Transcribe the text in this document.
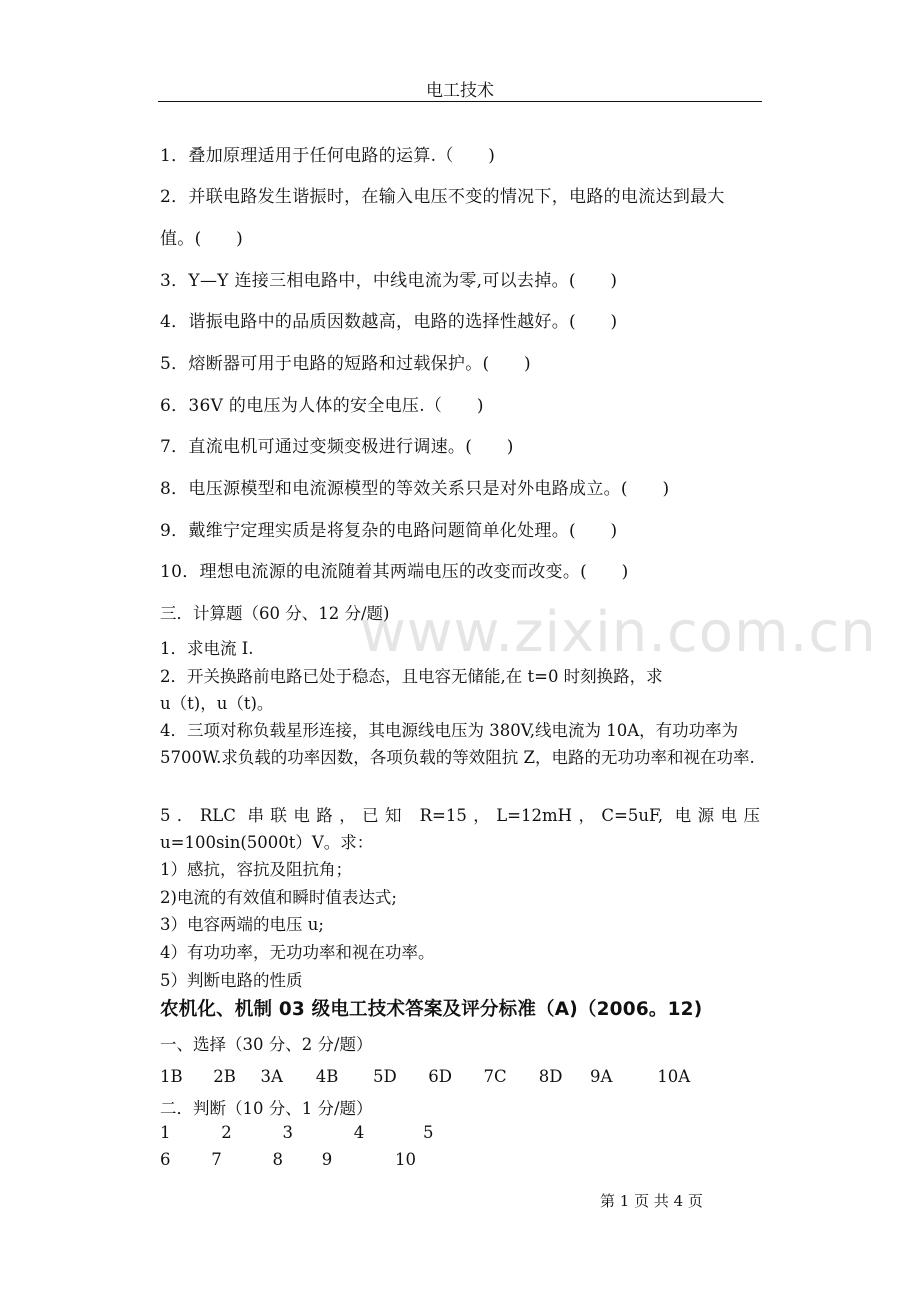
电工技术
1．叠加原理适用于任何电路的运算.（　　)
2．并联电路发生谐振时，在输入电压不变的情况下，电路的电流达到最大
值。(　　)
3．Y—Y 连接三相电路中，中线电流为零,可以去掉。(　　)
4．谐振电路中的品质因数越高，电路的选择性越好。(　　)
5．熔断器可用于电路的短路和过载保护。(　　)
6．36V 的电压为人体的安全电压.（　　)
7．直流电机可通过变频变极进行调速。(　　)
8．电压源模型和电流源模型的等效关系只是对外电路成立。(　　)
9．戴维宁定理实质是将复杂的电路问题简单化处理。(　　)
10．理想电流源的电流随着其两端电压的改变而改变。(　　)
www.zixin.com.cn
三．计算题（60 分、12 分/题)
1．求电流 I.
2．开关换路前电路已处于稳态，且电容无储能,在 t=0 时刻换路，求
u（t)，u（t)。
4．三项对称负载星形连接，其电源线电压为 380V,线电流为 10A，有功功率为 5700W.求负载的功率因数，各项负载的等效阻抗 Z，电路的无功功率和视在功率.
5．RLC 串联电路，已知 R=15，L=12mH，C=5uF, 电源电压
u=100sin(5000t）V。求：
1）感抗，容抗及阻抗角；
2)电流的有效值和瞬时值表达式;
3）电容两端的电压 u;
4）有功功率，无功功率和视在功率。
5）判断电路的性质
农机化、机制 03 级电工技术答案及评分标准（A)（2006。12)
一、选择（30 分、2 分/题）
1B 2B 3A 4B 5D 6D 7C 8D 9A	10A
二．判断（10 分、1 分/题）
1	2	3	4	5
6 7	8 9	10
第 1 页 共 4 页
